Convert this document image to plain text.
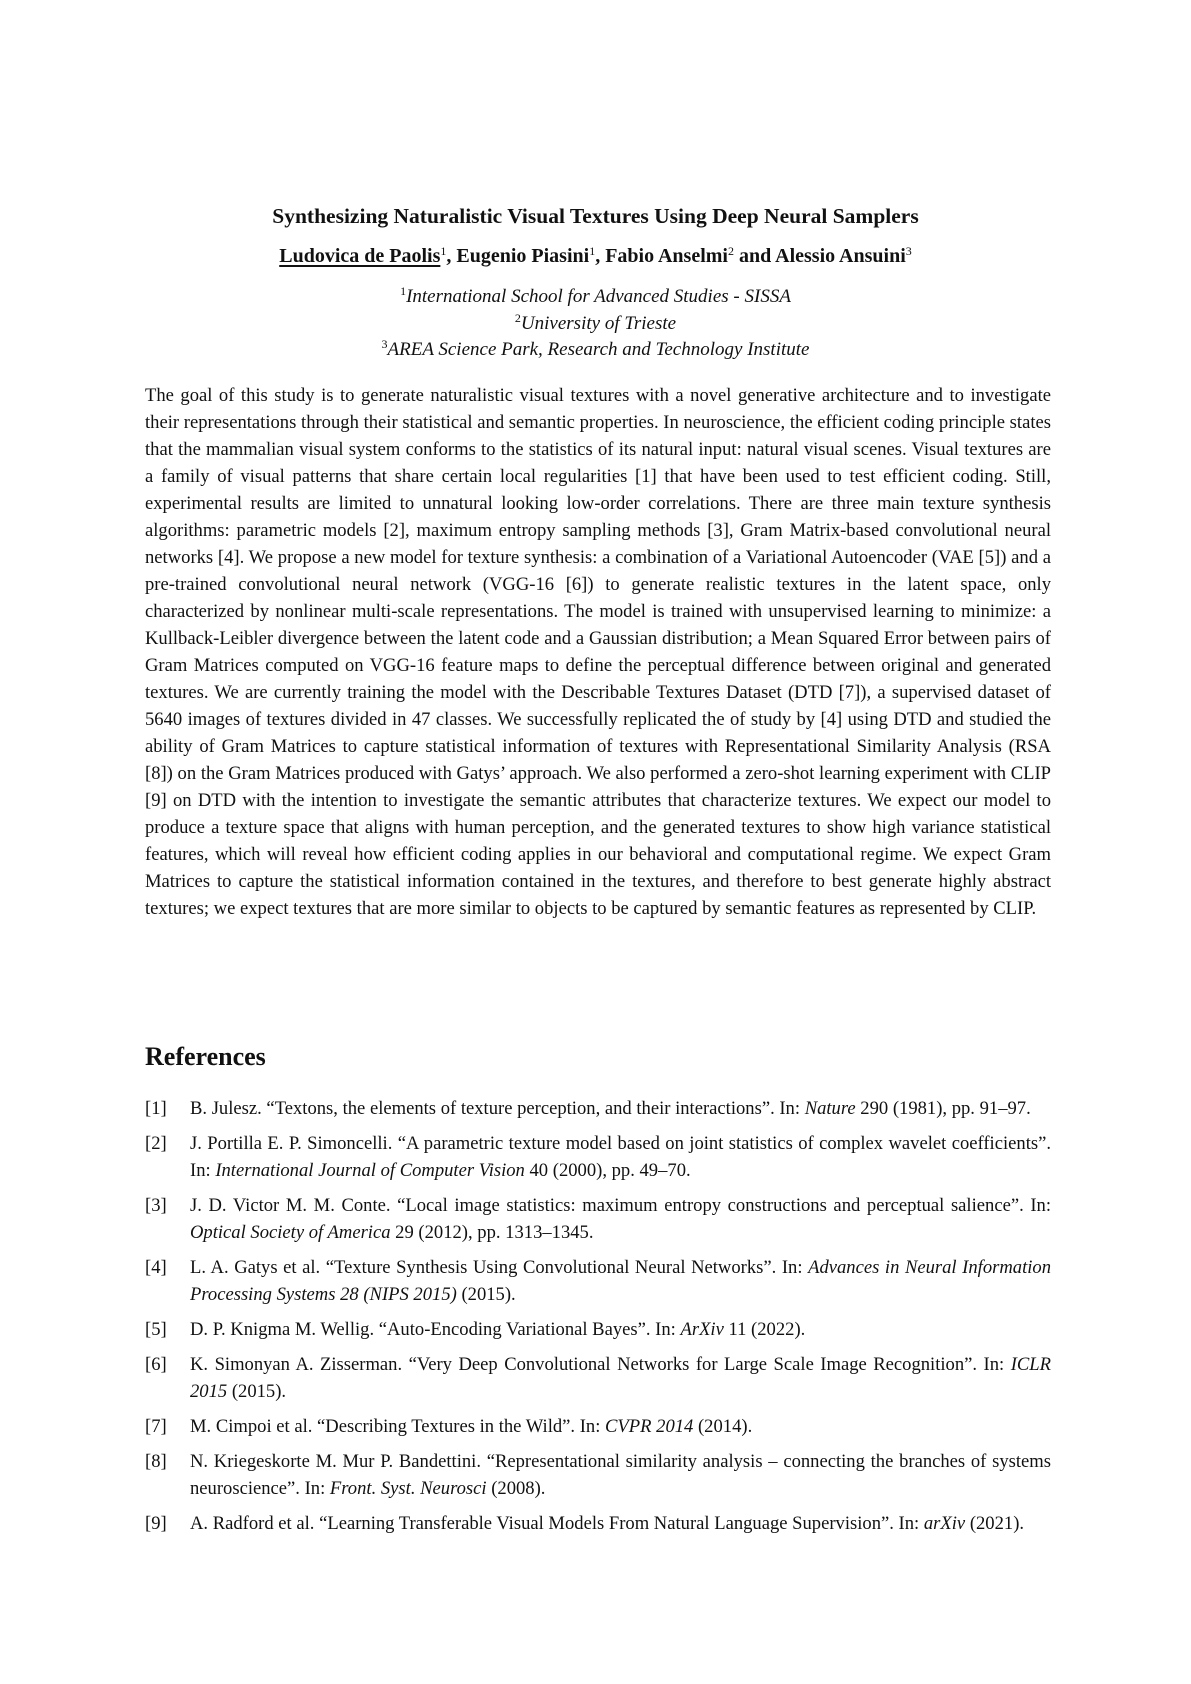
Synthesizing Naturalistic Visual Textures Using Deep Neural Samplers
Ludovica de Paolis$^1$, Eugenio Piasini$^1$, Fabio Anselmi$^2$ and Alessio Ansuini$^3$
$^1$International School for Advanced Studies - SISSA
$^2$University of Trieste
$^3$AREA Science Park, Research and Technology Institute

The goal of this study is to generate naturalistic visual textures with a novel generative architecture and to investigate their representations through their statistical and semantic properties. In neuroscience, the efficient coding principle states that the mammalian visual system conforms to the statistics of its natural input: natural visual scenes. Visual textures are a family of visual patterns that share certain local regularities [1] that have been used to test efficient coding. Still, experimental results are limited to unnatural looking low-order correlations. There are three main texture synthesis algorithms: parametric models [2], maximum entropy sampling methods [3], Gram Matrix-based convolutional neural networks [4]. We propose a new model for texture synthesis: a combination of a Variational Autoencoder (VAE [5]) and a pre-trained convolutional neural network (VGG-16 [6]) to generate realistic textures in the latent space, only characterized by nonlinear multi-scale representations. The model is trained with unsupervised learning to minimize: a Kullback-Leibler divergence between the latent code and a Gaussian distribution; a Mean Squared Error between pairs of Gram Matrices computed on VGG-16 feature maps to define the perceptual difference between original and generated textures. We are currently training the model with the Describable Textures Dataset (DTD [7]), a supervised dataset of 5640 images of textures divided in 47 classes. We successfully replicated the of study by [4] using DTD and studied the ability of Gram Matrices to capture statistical information of textures with Representational Similarity Analysis (RSA [8]) on the Gram Matrices produced with Gatys’ approach. We also performed a zero-shot learning experiment with CLIP [9] on DTD with the intention to investigate the semantic attributes that characterize textures. We expect our model to produce a texture space that aligns with human perception, and the generated textures to show high variance statistical features, which will reveal how efficient coding applies in our behavioral and computational regime. We expect Gram Matrices to capture the statistical information contained in the textures, and therefore to best generate highly abstract textures; we expect textures that are more similar to objects to be captured by semantic features as represented by CLIP.

References
[1] B. Julesz. “Textons, the elements of texture perception, and their interactions”. In: Nature 290 (1981), pp. 91–97.
[2] J. Portilla E. P. Simoncelli. “A parametric texture model based on joint statistics of complex wavelet coefficients”. In: International Journal of Computer Vision 40 (2000), pp. 49–70.
[3] J. D. Victor M. M. Conte. “Local image statistics: maximum entropy constructions and perceptual salience”. In: Optical Society of America 29 (2012), pp. 1313–1345.
[4] L. A. Gatys et al. “Texture Synthesis Using Convolutional Neural Networks”. In: Advances in Neural Information Processing Systems 28 (NIPS 2015) (2015).
[5] D. P. Knigma M. Wellig. “Auto-Encoding Variational Bayes”. In: ArXiv 11 (2022).
[6] K. Simonyan A. Zisserman. “Very Deep Convolutional Networks for Large Scale Image Recognition”. In: ICLR 2015 (2015).
[7] M. Cimpoi et al. “Describing Textures in the Wild”. In: CVPR 2014 (2014).
[8] N. Kriegeskorte M. Mur P. Bandettini. “Representational similarity analysis – connecting the branches of systems neuroscience”. In: Front. Syst. Neurosci (2008).
[9] A. Radford et al. “Learning Transferable Visual Models From Natural Language Supervision”. In: arXiv (2021).
